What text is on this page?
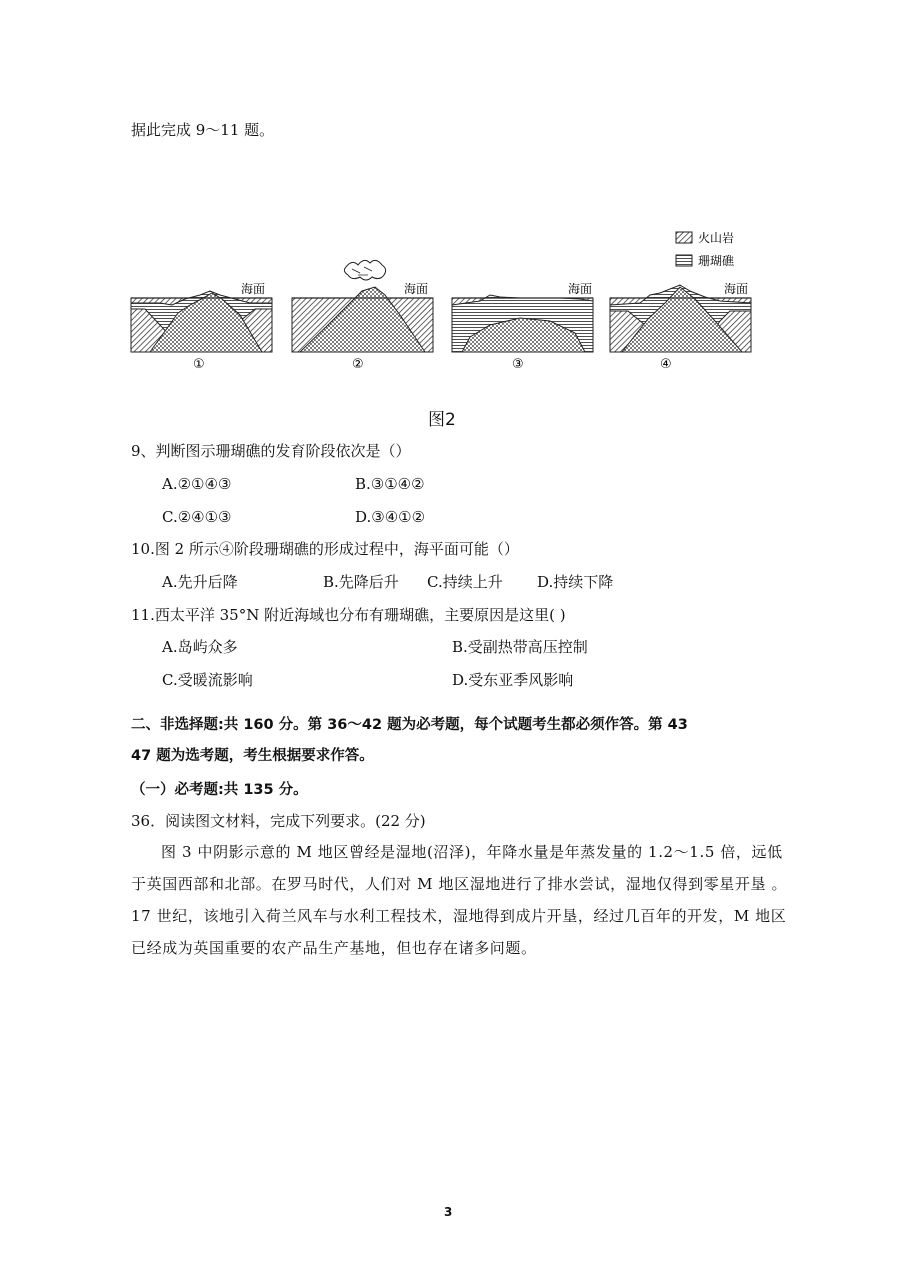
据此完成 9～11 题。
火山岩
珊瑚礁
海面
①
海面
②
海面
③
海面
④
图2
9、判断图示珊瑚礁的发育阶段依次是（）
A.②①④③	B.③①④②
C.②④①③	D.③④①②
10.图 2 所示④阶段珊瑚礁的形成过程中，海平面可能（）
A.先升后降	B.先降后升 C.持续上升 D.持续下降
11.西太平洋 35°N 附近海域也分布有珊瑚礁，主要原因是这里( )
A.岛屿众多	B.受副热带高压控制
C.受暖流影响	D.受东亚季风影响
二、非选择题:共 160 分。第 36～42 题为必考题，每个试题考生都必须作答。第 43
47 题为选考题，考生根据要求作答。
（一）必考题:共 135 分。
36．阅读图文材料，完成下列要求。(22 分)
图 3 中阴影示意的 M 地区曾经是湿地(沼泽)，年降水量是年蒸发量的 1.2～1.5 倍，远低于英国西部和北部。在罗马时代，人们对 M 地区湿地进行了排水尝试，湿地仅得到零星开垦 。17 世纪，该地引入荷兰风车与水利工程技术，湿地得到成片开垦，经过几百年的开发，M 地区已经成为英国重要的农产品生产基地，但也存在诸多问题。
3
